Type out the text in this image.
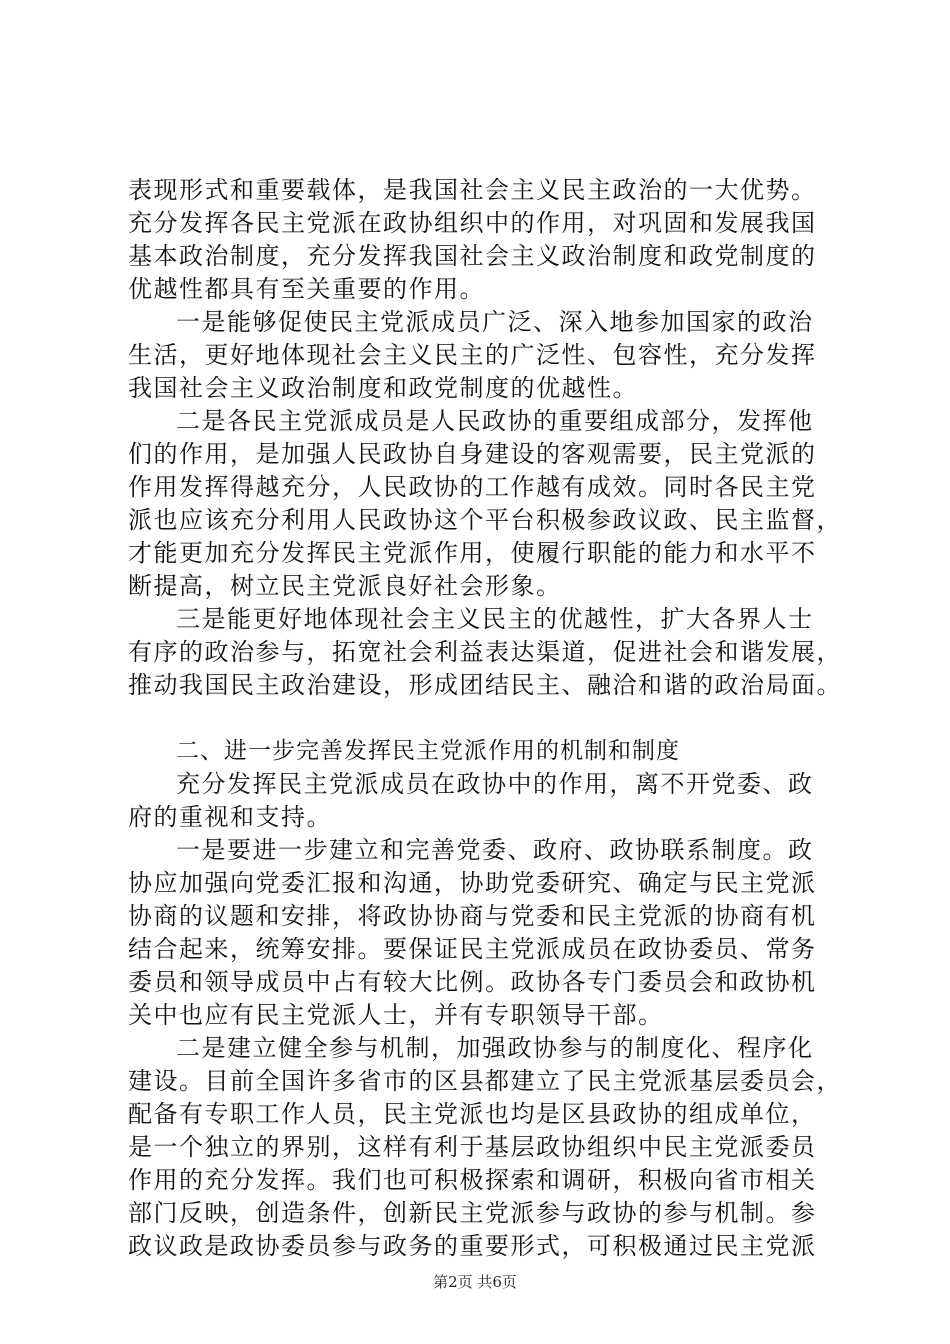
表现形式和重要载体，是我国社会主义民主政治的一大优势。
充分发挥各民主党派在政协组织中的作用，对巩固和发展我国
基本政治制度，充分发挥我国社会主义政治制度和政党制度的
优越性都具有至关重要的作用。
一是能够促使民主党派成员广泛、深入地参加国家的政治
生活，更好地体现社会主义民主的广泛性、包容性，充分发挥
我国社会主义政治制度和政党制度的优越性。
二是各民主党派成员是人民政协的重要组成部分，发挥他
们的作用，是加强人民政协自身建设的客观需要，民主党派的
作用发挥得越充分，人民政协的工作越有成效。同时各民主党
派也应该充分利用人民政协这个平台积极参政议政、民主监督，
才能更加充分发挥民主党派作用，使履行职能的能力和水平不
断提高，树立民主党派良好社会形象。
三是能更好地体现社会主义民主的优越性，扩大各界人士
有序的政治参与，拓宽社会利益表达渠道，促进社会和谐发展，
推动我国民主政治建设，形成团结民主、融洽和谐的政治局面。
二、进一步完善发挥民主党派作用的机制和制度
充分发挥民主党派成员在政协中的作用，离不开党委、政
府的重视和支持。
一是要进一步建立和完善党委、政府、政协联系制度。政
协应加强向党委汇报和沟通，协助党委研究、确定与民主党派
协商的议题和安排，将政协协商与党委和民主党派的协商有机
结合起来，统筹安排。要保证民主党派成员在政协委员、常务
委员和领导成员中占有较大比例。政协各专门委员会和政协机
关中也应有民主党派人士，并有专职领导干部。
二是建立健全参与机制，加强政协参与的制度化、程序化
建设。目前全国许多省市的区县都建立了民主党派基层委员会，
配备有专职工作人员，民主党派也均是区县政协的组成单位，
是一个独立的界别，这样有利于基层政协组织中民主党派委员
作用的充分发挥。我们也可积极探索和调研，积极向省市相关
部门反映，创造条件，创新民主党派参与政协的参与机制。参
政议政是政协委员参与政务的重要形式，可积极通过民主党派
第2页 共6页
